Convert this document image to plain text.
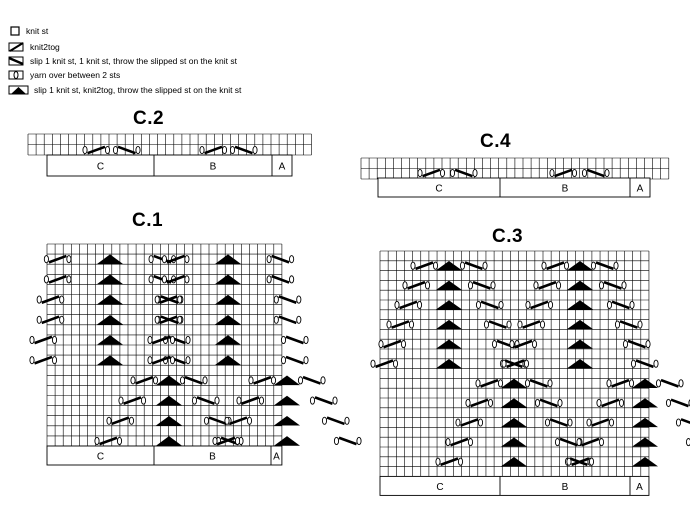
knit st
knit2tog
slip 1 knit st, 1 knit st, throw the slipped st on the knit st
yarn over between 2 sts
slip 1 knit st, knit2tog, throw the slipped st on the knit st
C.2
C.4
C.1
C.3
C	B	A
C	B	A
C	B	A
C	B	A
